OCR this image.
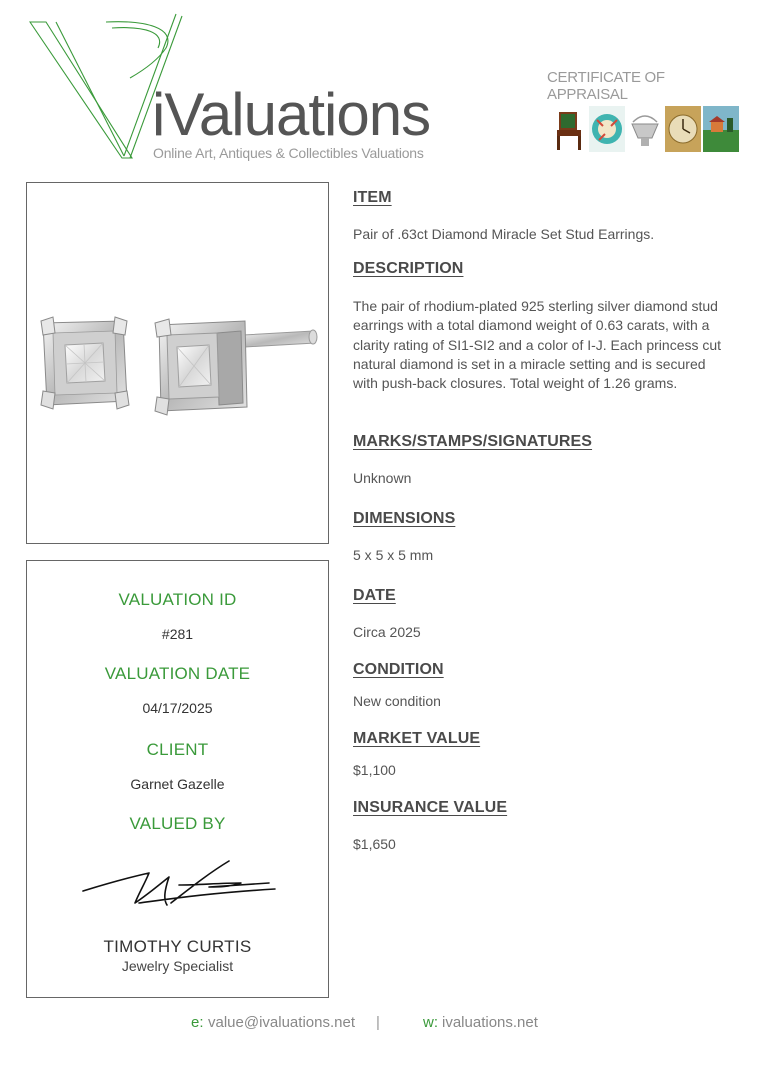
iValuations
Online Art, Antiques & Collectibles Valuations
CERTIFICATE OF APPRAISAL
VALUATION ID
#281
VALUATION DATE
04/17/2025
CLIENT
Garnet Gazelle
VALUED BY
TIMOTHY CURTIS
Jewelry Specialist
ITEM

Pair of .63ct Diamond Miracle Set Stud Earrings.

DESCRIPTION

The pair of rhodium-plated 925 sterling silver diamond stud earrings with a total diamond weight of 0.63 carats, with a clarity rating of SI1-SI2 and a color of I-J. Each princess cut natural diamond is set in a miracle setting and is secured with push-back closures. Total weight of 1.26 grams.

MARKS/STAMPS/SIGNATURES

Unknown

DIMENSIONS

5 x 5 x 5 mm

DATE

Circa 2025

CONDITION

New condition

MARKET VALUE

$1,100

INSURANCE VALUE

$1,650

e: value@ivaluations.net |	w: ivaluations.net
